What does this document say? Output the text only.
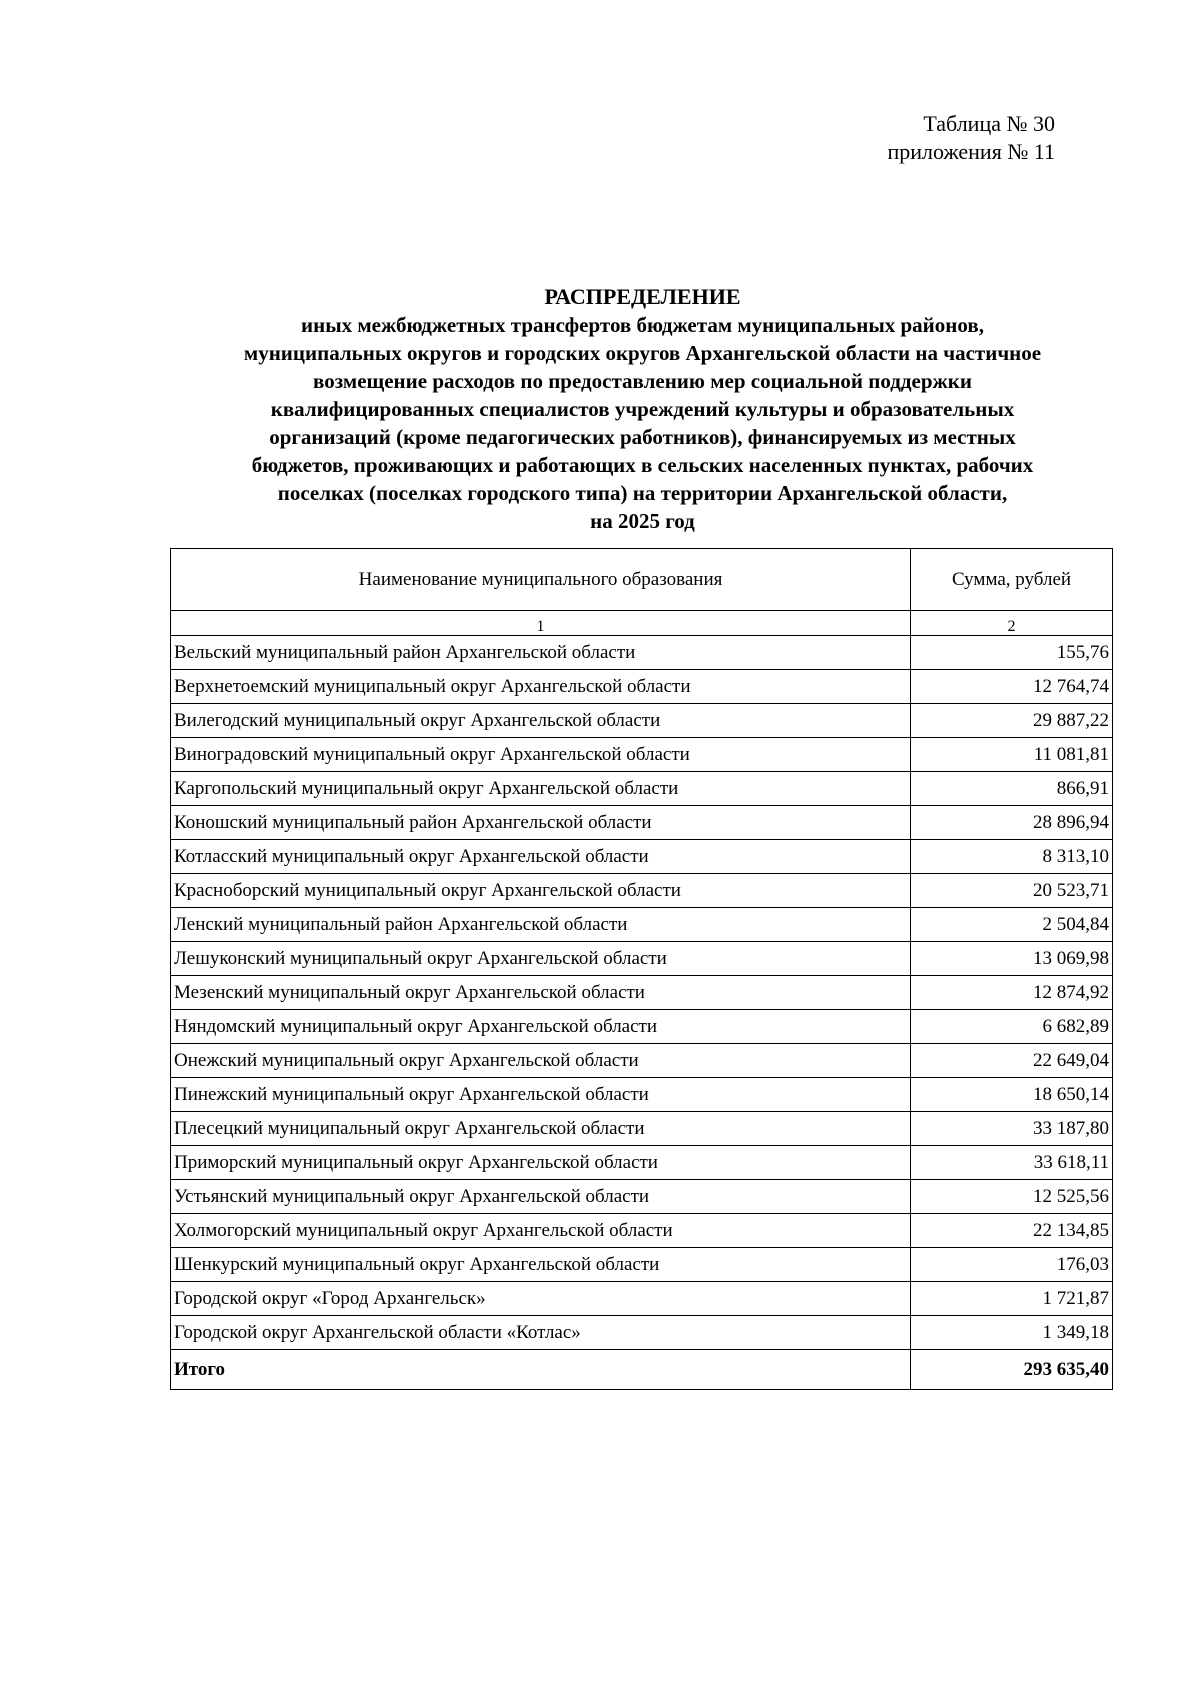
Таблица № 30
приложения № 11
РАСПРЕДЕЛЕНИЕ
иных межбюджетных трансфертов бюджетам муниципальных районов,
муниципальных округов и городских округов Архангельской области на частичное
возмещение расходов по предоставлению мер социальной поддержки
квалифицированных специалистов учреждений культуры и образовательных
организаций (кроме педагогических работников), финансируемых из местных
бюджетов, проживающих и работающих в сельских населенных пунктах, рабочих
поселках (поселках городского типа) на территории Архангельской области,
на 2025 год
Наименование муниципального образования	Сумма, рублей
1	2
Вельский муниципальный район Архангельской области	155,76
Верхнетоемский муниципальный округ Архангельской области	12 764,74
Вилегодский муниципальный округ Архангельской области	29 887,22
Виноградовский муниципальный округ Архангельской области	11 081,81
Каргопольский муниципальный округ Архангельской области	866,91
Коношский муниципальный район Архангельской области	28 896,94
Котласский муниципальный округ Архангельской области	8 313,10
Красноборский муниципальный округ Архангельской области	20 523,71
Ленский муниципальный район Архангельской области	2 504,84
Лешуконский муниципальный округ Архангельской области	13 069,98
Мезенский муниципальный округ Архангельской области	12 874,92
Няндомский муниципальный округ Архангельской области	6 682,89
Онежский муниципальный округ Архангельской области	22 649,04
Пинежский муниципальный округ Архангельской области	18 650,14
Плесецкий муниципальный округ Архангельской области	33 187,80
Приморский муниципальный округ Архангельской области	33 618,11
Устьянский муниципальный округ Архангельской области	12 525,56
Холмогорский муниципальный округ Архангельской области	22 134,85
Шенкурский муниципальный округ Архангельской области	176,03
Городской округ «Город Архангельск»	1 721,87
Городской округ Архангельской области «Котлас»	1 349,18
Итого	293 635,40
